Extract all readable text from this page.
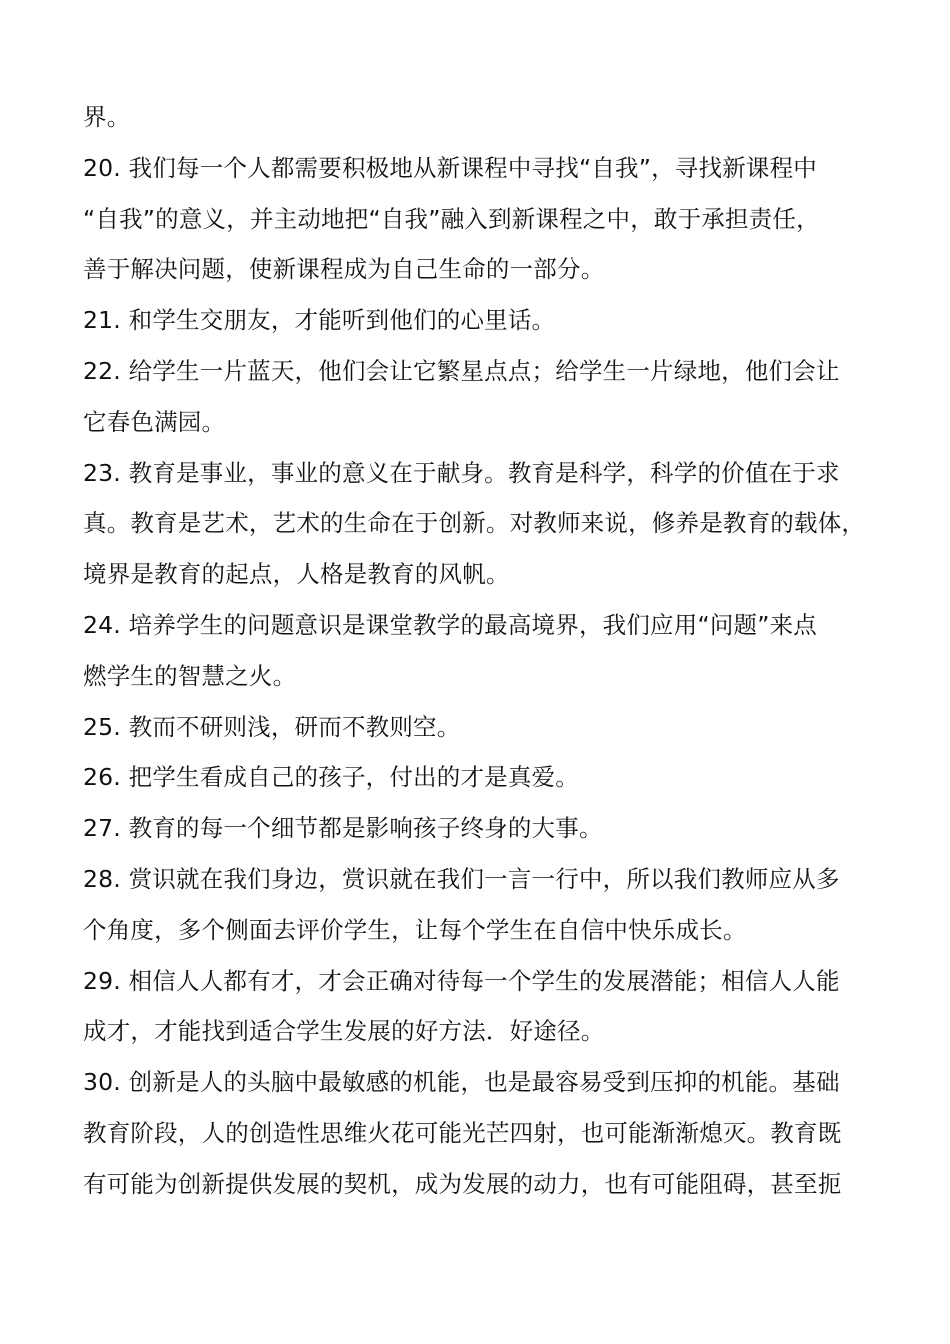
界。
20. 我们每一个人都需要积极地从新课程中寻找“自我”，寻找新课程中
“自我”的意义，并主动地把“自我”融入到新课程之中，敢于承担责任，
善于解决问题，使新课程成为自己生命的一部分。
21. 和学生交朋友，才能听到他们的心里话。
22. 给学生一片蓝天，他们会让它繁星点点；给学生一片绿地，他们会让
它春色满园。
23. 教育是事业，事业的意义在于献身。教育是科学，科学的价值在于求
真。教育是艺术，艺术的生命在于创新。对教师来说，修养是教育的载体，
境界是教育的起点，人格是教育的风帆。
24. 培养学生的问题意识是课堂教学的最高境界，我们应用“问题”来点
燃学生的智慧之火。
25. 教而不研则浅，研而不教则空。
26. 把学生看成自己的孩子，付出的才是真爱。
27. 教育的每一个细节都是影响孩子终身的大事。
28. 赏识就在我们身边，赏识就在我们一言一行中，所以我们教师应从多
个角度，多个侧面去评价学生，让每个学生在自信中快乐成长。
29. 相信人人都有才，才会正确对待每一个学生的发展潜能；相信人人能
成才，才能找到适合学生发展的好方法．好途径。
30. 创新是人的头脑中最敏感的机能，也是最容易受到压抑的机能。基础
教育阶段，人的创造性思维火花可能光芒四射，也可能渐渐熄灭。教育既
有可能为创新提供发展的契机，成为发展的动力，也有可能阻碍，甚至扼
